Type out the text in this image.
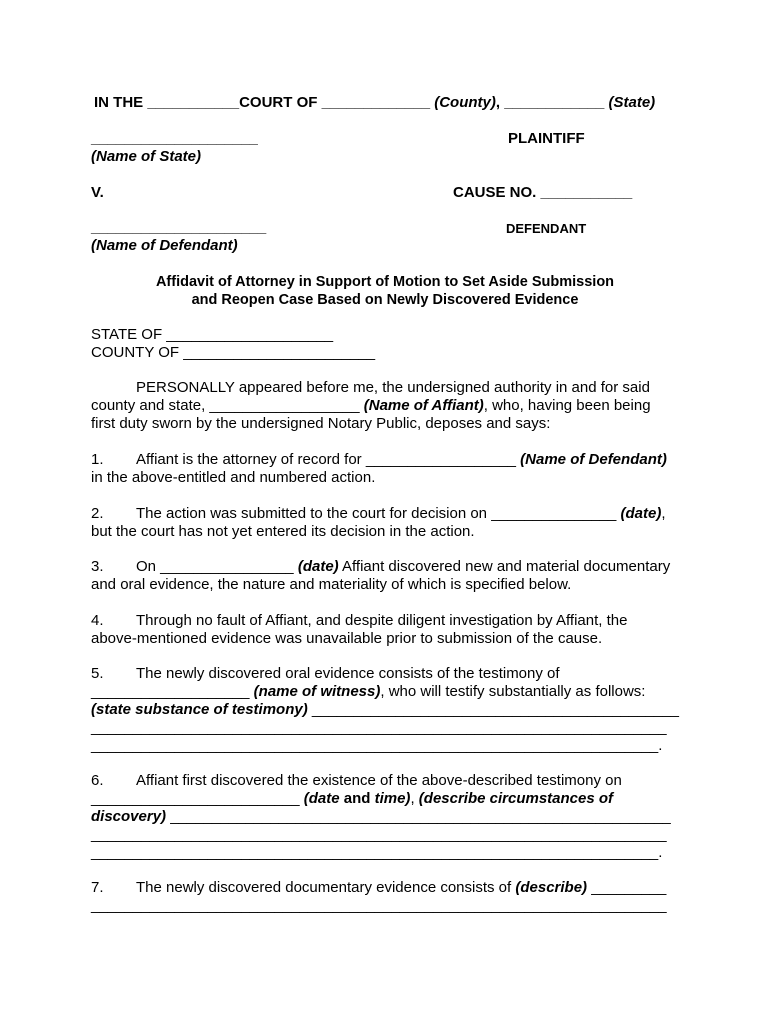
IN THE ___________COURT OF _____________ (County), ____________ (State)
____________________	PLAINTIFF
(Name of State)
V.	CAUSE NO. ___________
_____________________	DEFENDANT
(Name of Defendant)
Affidavit of Attorney in Support of Motion to Set Aside Submission
and Reopen Case Based on Newly Discovered Evidence
STATE OF ____________________
COUNTY OF _______________________
PERSONALLY appeared before me, the undersigned authority in and for said
county and state, __________________ (Name of Affiant), who, having been being
first duty sworn by the undersigned Notary Public, deposes and says:
1. Affiant is the attorney of record for __________________ (Name of Defendant)
in the above-entitled and numbered action.
2. The action was submitted to the court for decision on _______________ (date),
but the court has not yet entered its decision in the action.
3. On ________________ (date) Affiant discovered new and material documentary
and oral evidence, the nature and materiality of which is specified below.
4. Through no fault of Affiant, and despite diligent investigation by Affiant, the
above-mentioned evidence was unavailable prior to submission of the cause.
5. The newly discovered oral evidence consists of the testimony of
___________________ (name of witness), who will testify substantially as follows:
(state substance of testimony) ____________________________________________
_____________________________________________________________________
____________________________________________________________________.
6. Affiant first discovered the existence of the above-described testimony on
_________________________ (date and time), (describe circumstances of
discovery) ____________________________________________________________
_____________________________________________________________________
____________________________________________________________________.
7. The newly discovered documentary evidence consists of (describe) _________
_____________________________________________________________________
